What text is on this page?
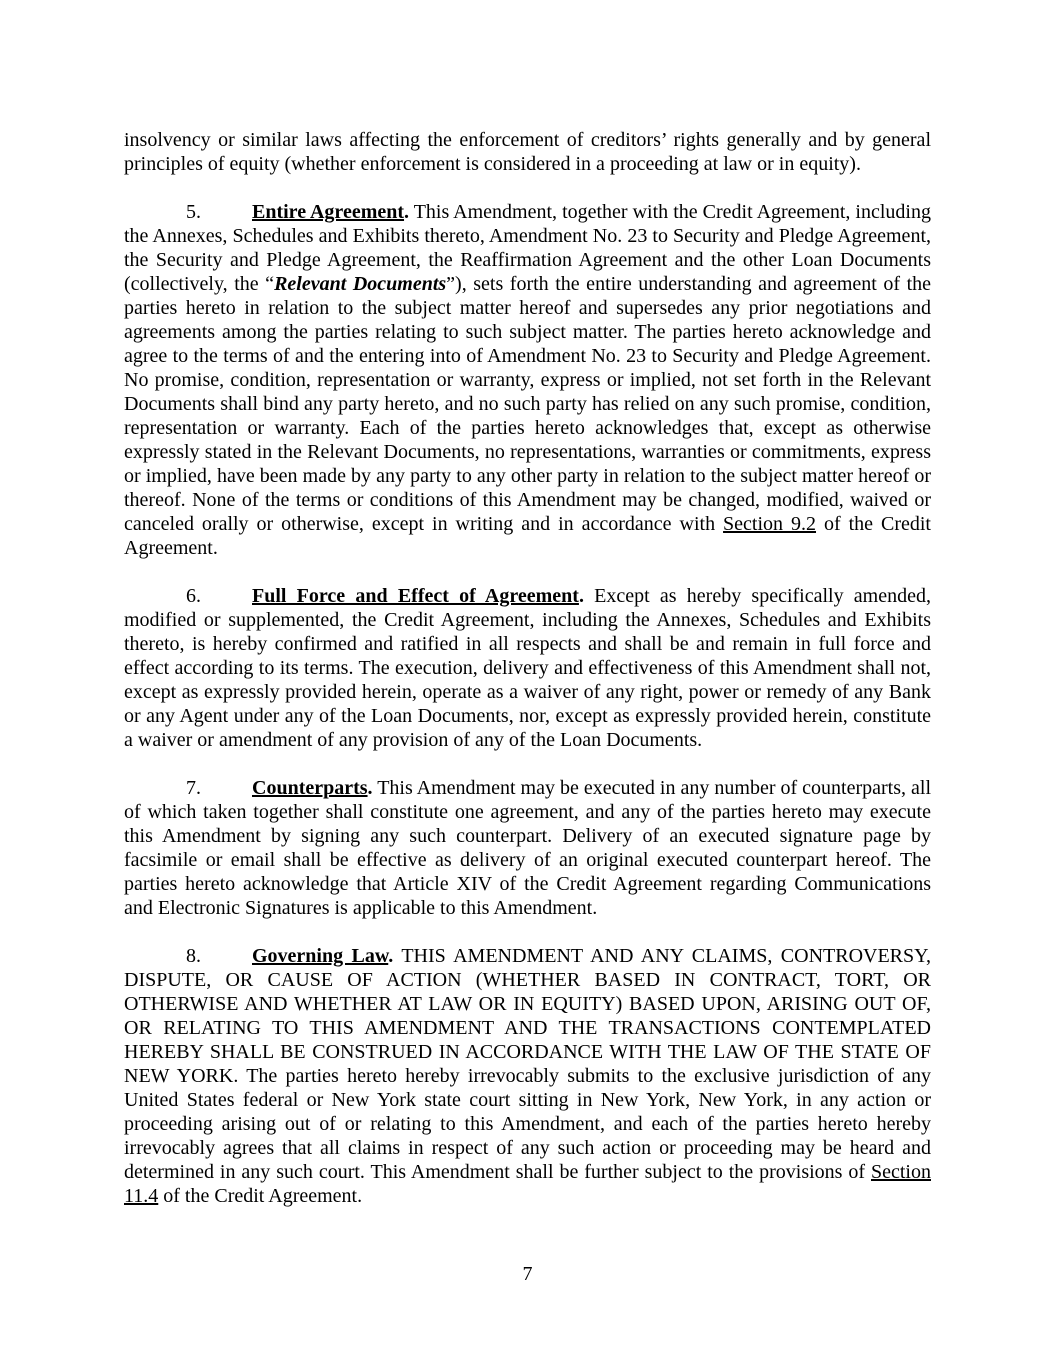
insolvency or similar laws affecting the enforcement of creditors’ rights generally and by general principles of equity (whether enforcement is considered in a proceeding at law or in equity).

5.	Entire Agreement. This Amendment, together with the Credit Agreement, including the Annexes, Schedules and Exhibits thereto, Amendment No. 23 to Security and Pledge Agreement, the Security and Pledge Agreement, the Reaffirmation Agreement and the other Loan Documents (collectively, the “Relevant Documents”), sets forth the entire understanding and agreement of the parties hereto in relation to the subject matter hereof and supersedes any prior negotiations and agreements among the parties relating to such subject matter. The parties hereto acknowledge and agree to the terms of and the entering into of Amendment No. 23 to Security and Pledge Agreement. No promise, condition, representation or warranty, express or implied, not set forth in the Relevant Documents shall bind any party hereto, and no such party has relied on any such promise, condition, representation or warranty. Each of the parties hereto acknowledges that, except as otherwise expressly stated in the Relevant Documents, no representations, warranties or commitments, express or implied, have been made by any party to any other party in relation to the subject matter hereof or thereof. None of the terms or conditions of this Amendment may be changed, modified, waived or canceled orally or otherwise, except in writing and in accordance with Section 9.2 of the Credit Agreement.

6.	Full Force and Effect of Agreement. Except as hereby specifically amended, modified or supplemented, the Credit Agreement, including the Annexes, Schedules and Exhibits thereto, is hereby confirmed and ratified in all respects and shall be and remain in full force and effect according to its terms. The execution, delivery and effectiveness of this Amendment shall not, except as expressly provided herein, operate as a waiver of any right, power or remedy of any Bank or any Agent under any of the Loan Documents, nor, except as expressly provided herein, constitute a waiver or amendment of any provision of any of the Loan Documents.

7.	Counterparts. This Amendment may be executed in any number of counterparts, all of which taken together shall constitute one agreement, and any of the parties hereto may execute this Amendment by signing any such counterpart. Delivery of an executed signature page by facsimile or email shall be effective as delivery of an original executed counterpart hereof. The parties hereto acknowledge that Article XIV of the Credit Agreement regarding Communications and Electronic Signatures is applicable to this Amendment.

8.	Governing Law. THIS AMENDMENT AND ANY CLAIMS, CONTROVERSY, DISPUTE, OR CAUSE OF ACTION (WHETHER BASED IN CONTRACT, TORT, OR OTHERWISE AND WHETHER AT LAW OR IN EQUITY) BASED UPON, ARISING OUT OF, OR RELATING TO THIS AMENDMENT AND THE TRANSACTIONS CONTEMPLATED HEREBY SHALL BE CONSTRUED IN ACCORDANCE WITH THE LAW OF THE STATE OF NEW YORK. The parties hereto hereby irrevocably submits to the exclusive jurisdiction of any United States federal or New York state court sitting in New York, New York, in any action or proceeding arising out of or relating to this Amendment, and each of the parties hereto hereby irrevocably agrees that all claims in respect of any such action or proceeding may be heard and determined in any such court. This Amendment shall be further subject to the provisions of Section 11.4 of the Credit Agreement.

7
